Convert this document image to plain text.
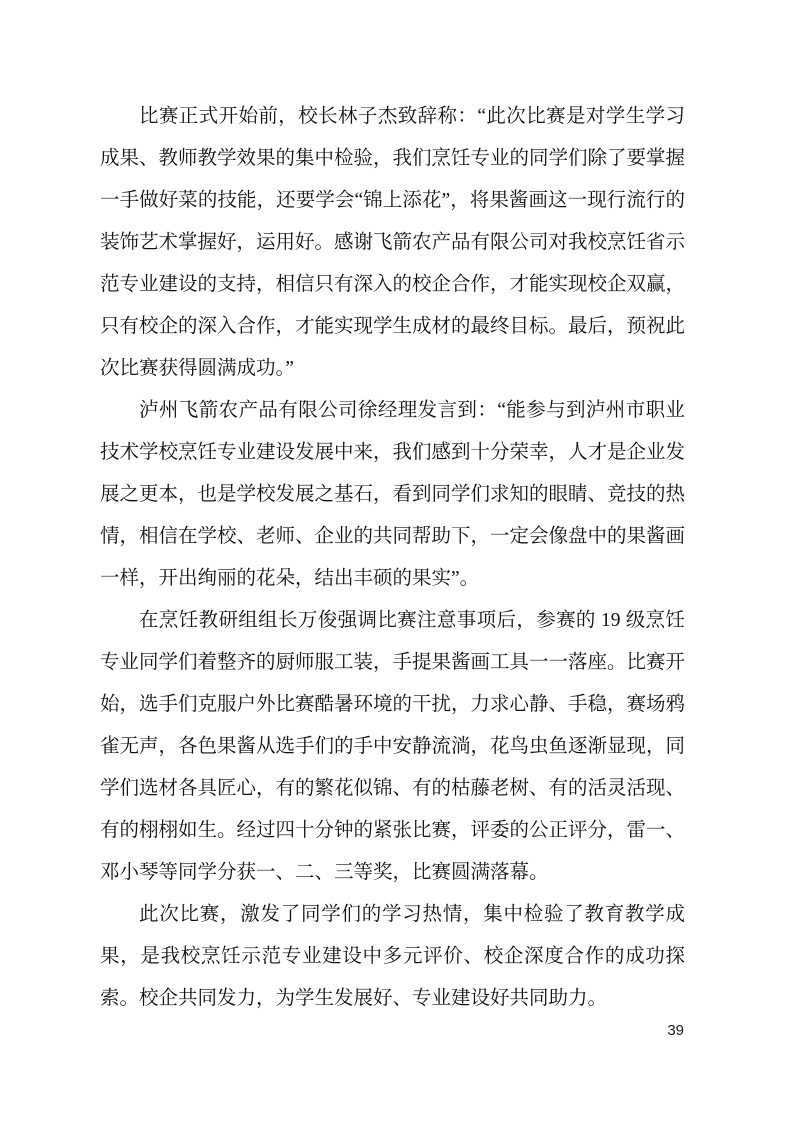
比赛正式开始前，校长林子杰致辞称：“此次比赛是对学生学习成果、教师教学效果的集中检验，我们烹饪专业的同学们除了要掌握一手做好菜的技能，还要学会“锦上添花”，将果酱画这一现行流行的装饰艺术掌握好，运用好。感谢飞箭农产品有限公司对我校烹饪省示范专业建设的支持，相信只有深入的校企合作，才能实现校企双赢，只有校企的深入合作，才能实现学生成材的最终目标。最后，预祝此次比赛获得圆满成功。”

泸州飞箭农产品有限公司徐经理发言到：“能参与到泸州市职业技术学校烹饪专业建设发展中来，我们感到十分荣幸，人才是企业发展之更本，也是学校发展之基石，看到同学们求知的眼睛、竞技的热情，相信在学校、老师、企业的共同帮助下，一定会像盘中的果酱画一样，开出绚丽的花朵，结出丰硕的果实”。

在烹饪教研组组长万俊强调比赛注意事项后，参赛的 19 级烹饪专业同学们着整齐的厨师服工装，手提果酱画工具一一落座。比赛开始，选手们克服户外比赛酷暑环境的干扰，力求心静、手稳，赛场鸦雀无声，各色果酱从选手们的手中安静流淌，花鸟虫鱼逐渐显现，同学们选材各具匠心，有的繁花似锦、有的枯藤老树、有的活灵活现、有的栩栩如生。经过四十分钟的紧张比赛，评委的公正评分，雷一、邓小琴等同学分获一、二、三等奖，比赛圆满落幕。

此次比赛，激发了同学们的学习热情，集中检验了教育教学成果，是我校烹饪示范专业建设中多元评价、校企深度合作的成功探索。校企共同发力，为学生发展好、专业建设好共同助力。

39
